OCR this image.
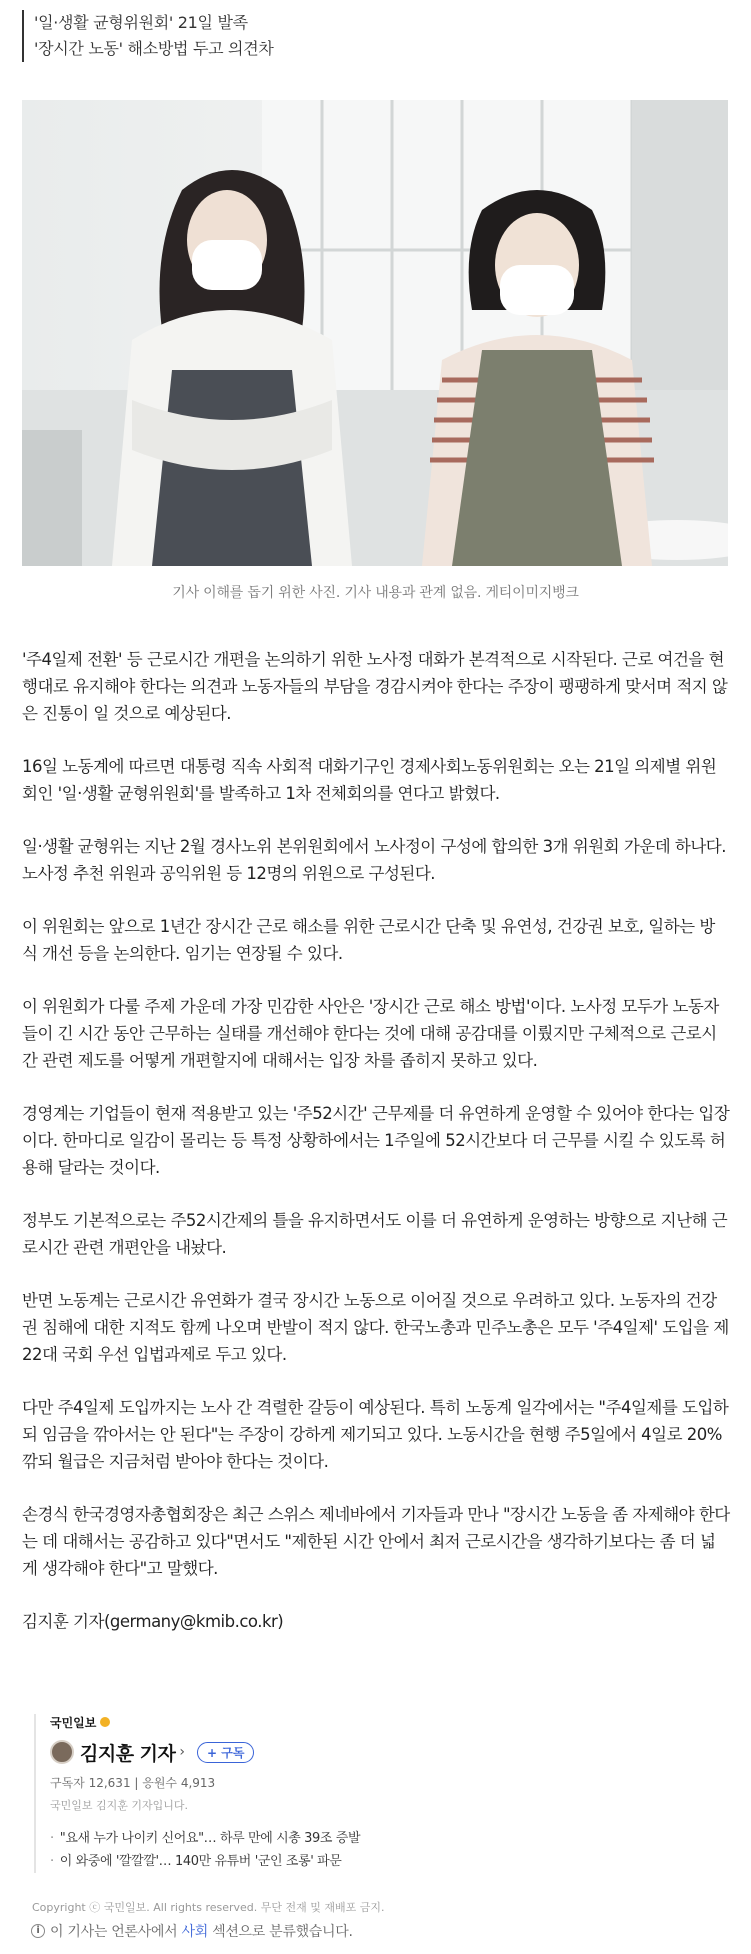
'일·생활 균형위원회' 21일 발족

'장시간 노동' 해소방법 두고 의견차

기사 이해를 돕기 위한 사진. 기사 내용과 관계 없음. 게티이미지뱅크

'주4일제 전환' 등 근로시간 개편을 논의하기 위한 노사정 대화가 본격적으로 시작된다. 근로 여건을 현행대로 유지해야 한다는 의견과 노동자들의 부담을 경감시켜야 한다는 주장이 팽팽하게 맞서며 적지 않은 진통이 일 것으로 예상된다.

16일 노동계에 따르면 대통령 직속 사회적 대화기구인 경제사회노동위원회는 오는 21일 의제별 위원회인 '일·생활 균형위원회'를 발족하고 1차 전체회의를 연다고 밝혔다.

일·생활 균형위는 지난 2월 경사노위 본위원회에서 노사정이 구성에 합의한 3개 위원회 가운데 하나다. 노사정 추천 위원과 공익위원 등 12명의 위원으로 구성된다.

이 위원회는 앞으로 1년간 장시간 근로 해소를 위한 근로시간 단축 및 유연성, 건강권 보호, 일하는 방식 개선 등을 논의한다. 임기는 연장될 수 있다.

이 위원회가 다룰 주제 가운데 가장 민감한 사안은 '장시간 근로 해소 방법'이다. 노사정 모두가 노동자들이 긴 시간 동안 근무하는 실태를 개선해야 한다는 것에 대해 공감대를 이뤘지만 구체적으로 근로시간 관련 제도를 어떻게 개편할지에 대해서는 입장 차를 좁히지 못하고 있다.

경영계는 기업들이 현재 적용받고 있는 '주52시간' 근무제를 더 유연하게 운영할 수 있어야 한다는 입장이다. 한마디로 일감이 몰리는 등 특정 상황하에서는 1주일에 52시간보다 더 근무를 시킬 수 있도록 허용해 달라는 것이다.

정부도 기본적으로는 주52시간제의 틀을 유지하면서도 이를 더 유연하게 운영하는 방향으로 지난해 근로시간 관련 개편안을 내놨다.

반면 노동계는 근로시간 유연화가 결국 장시간 노동으로 이어질 것으로 우려하고 있다. 노동자의 건강권 침해에 대한 지적도 함께 나오며 반발이 적지 않다. 한국노총과 민주노총은 모두 '주4일제' 도입을 제22대 국회 우선 입법과제로 두고 있다.

다만 주4일제 도입까지는 노사 간 격렬한 갈등이 예상된다. 특히 노동계 일각에서는 "주4일제를 도입하되 임금을 깎아서는 안 된다"는 주장이 강하게 제기되고 있다. 노동시간을 현행 주5일에서 4일로 20% 깎되 월급은 지금처럼 받아야 한다는 것이다.

손경식 한국경영자총협회장은 최근 스위스 제네바에서 기자들과 만나 "장시간 노동을 좀 자제해야 한다는 데 대해서는 공감하고 있다"면서도 "제한된 시간 안에서 최저 근로시간을 생각하기보다는 좀 더 넓게 생각해야 한다"고 말했다.

김지훈 기자(germany@kmib.co.kr)

국민일보
김지훈 기자 ›	+ 구독
구독자 12,631 | 응원수 4,913
국민일보 김지훈 기자입니다.
· "요새 누가 나이키 신어요"… 하루 만에 시총 39조 증발
· 이 와중에 '깔깔깔'… 140만 유튜버 '군인 조롱' 파문
Copyright ⓒ 국민일보. All rights reserved. 무단 전재 및 재배포 금지.
i 이 기사는 언론사에서
사회
섹션으로 분류했습니다.
